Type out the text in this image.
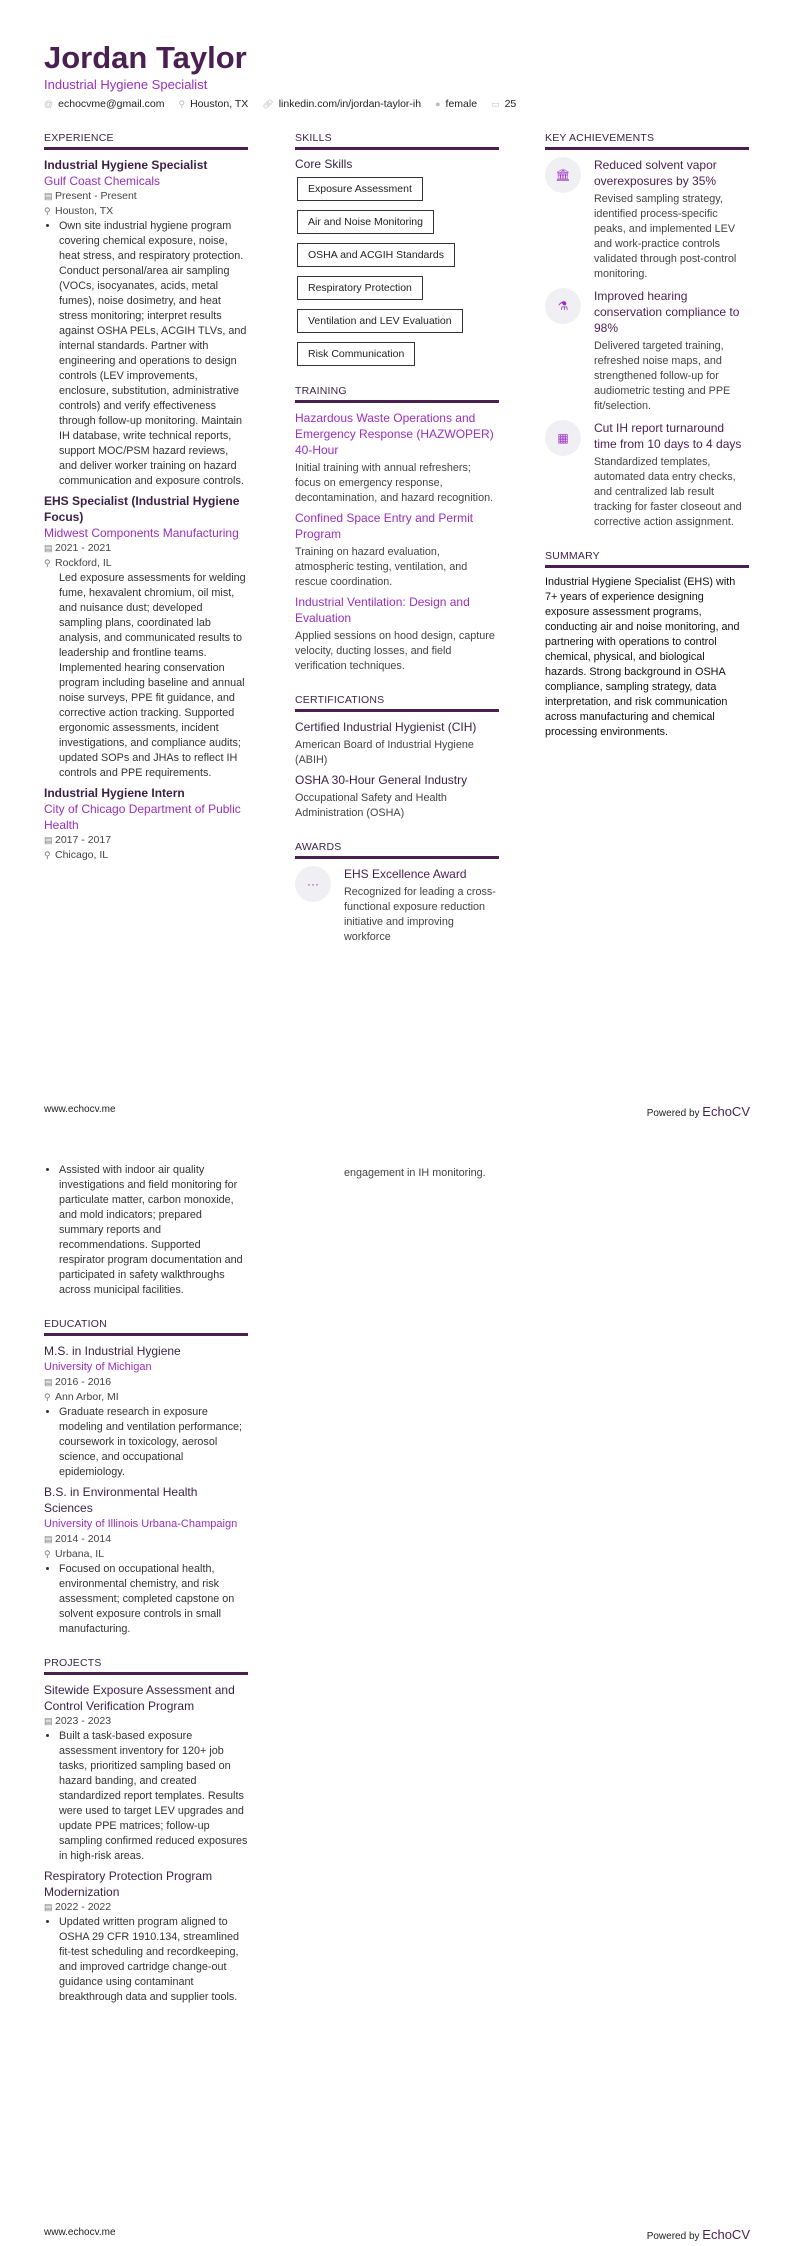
Jordan Taylor
Industrial Hygiene Specialist
@ echocvme@gmail.com ⚲ Houston, TX 🔗︎ linkedin.com/in/jordan-taylor-ih ● female ▭ 25
EXPERIENCE
Industrial Hygiene Specialist
Gulf Coast Chemicals
▤ Present - Present
⚲ Houston, TX
• Own site industrial hygiene program covering chemical exposure, noise, heat stress, and respiratory protection. Conduct personal/area air sampling (VOCs, isocyanates, acids, metal fumes), noise dosimetry, and heat stress monitoring; interpret results against OSHA PELs, ACGIH TLVs, and internal standards. Partner with engineering and operations to design controls (LEV improvements, enclosure, substitution, administrative controls) and verify effectiveness through follow-up monitoring. Maintain IH database, write technical reports, support MOC/PSM hazard reviews, and deliver worker training on hazard communication and exposure controls.
EHS Specialist (Industrial Hygiene Focus)
Midwest Components Manufacturing
▤ 2021 - 2021
⚲ Rockford, IL
• Led exposure assessments for welding fume, hexavalent chromium, oil mist, and nuisance dust; developed sampling plans, coordinated lab analysis, and communicated results to leadership and frontline teams. Implemented hearing conservation program including baseline and annual noise surveys, PPE fit guidance, and corrective action tracking. Supported ergonomic assessments, incident investigations, and compliance audits; updated SOPs and JHAs to reflect IH controls and PPE requirements.
Industrial Hygiene Intern
City of Chicago Department of Public Health
▤ 2017 - 2017
⚲ Chicago, IL
SKILLS
Core Skills
Exposure Assessment
Air and Noise Monitoring
OSHA and ACGIH Standards
Respiratory Protection
Ventilation and LEV Evaluation
Risk Communication
TRAINING
Hazardous Waste Operations and Emergency Response (HAZWOPER) 40-Hour
Initial training with annual refreshers; focus on emergency response, decontamination, and hazard recognition.
Confined Space Entry and Permit Program
Training on hazard evaluation, atmospheric testing, ventilation, and rescue coordination.
Industrial Ventilation: Design and Evaluation
Applied sessions on hood design, capture velocity, ducting losses, and field verification techniques.
CERTIFICATIONS
Certified Industrial Hygienist (CIH)
American Board of Industrial Hygiene (ABIH)
OSHA 30-Hour General Industry
Occupational Safety and Health Administration (OSHA)
AWARDS
···
EHS Excellence Award
Recognized for leading a cross-functional exposure reduction initiative and improving workforce
KEY ACHIEVEMENTS
🏛︎
Reduced solvent vapor overexposures by 35%
Revised sampling strategy, identified process-specific peaks, and implemented LEV and work-practice controls validated through post-control monitoring.
⚗︎
Improved hearing conservation compliance to 98%
Delivered targeted training, refreshed noise maps, and strengthened follow-up for audiometric testing and PPE fit/selection.
▦
Cut IH report turnaround time from 10 days to 4 days
Standardized templates, automated data entry checks, and centralized lab result tracking for faster closeout and corrective action assignment.
SUMMARY
Industrial Hygiene Specialist (EHS) with 7+ years of experience designing exposure assessment programs, conducting air and noise monitoring, and partnering with operations to control chemical, physical, and biological hazards. Strong background in OSHA compliance, sampling strategy, data interpretation, and risk communication across manufacturing and chemical processing environments.
www.echocv.me	Powered by EchoCV
• Assisted with indoor air quality investigations and field monitoring for particulate matter, carbon monoxide, and mold indicators; prepared summary reports and recommendations. Supported respirator program documentation and participated in safety walkthroughs across municipal facilities.
EDUCATION
M.S. in Industrial Hygiene
University of Michigan
▤ 2016 - 2016
⚲ Ann Arbor, MI
• Graduate research in exposure modeling and ventilation performance; coursework in toxicology, aerosol science, and occupational epidemiology.
B.S. in Environmental Health Sciences
University of Illinois Urbana-Champaign
▤ 2014 - 2014
⚲ Urbana, IL
• Focused on occupational health, environmental chemistry, and risk assessment; completed capstone on solvent exposure controls in small manufacturing.
PROJECTS
Sitewide Exposure Assessment and Control Verification Program
▤ 2023 - 2023
• Built a task-based exposure assessment inventory for 120+ job tasks, prioritized sampling based on hazard banding, and created standardized report templates. Results were used to target LEV upgrades and update PPE matrices; follow-up sampling confirmed reduced exposures in high-risk areas.
Respiratory Protection Program Modernization
▤ 2022 - 2022
• Updated written program aligned to OSHA 29 CFR 1910.134, streamlined fit-test scheduling and recordkeeping, and improved cartridge change-out guidance using contaminant breakthrough data and supplier tools.
engagement in IH monitoring.
www.echocv.me	Powered by EchoCV
